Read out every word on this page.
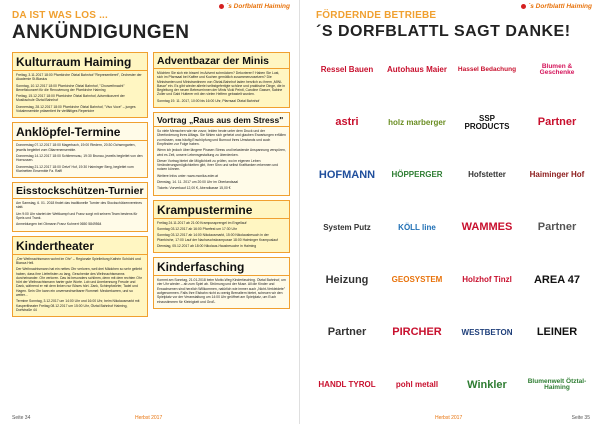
´s Dorfblattl Haiming
DA IST WAS LOS ...
ANKÜNDIGUNGEN
Kulturraum Haiming

Freitag, 3.11.2017 18:00 Pfarrkirche Ötztal Bahnhof "Representieret", Orchester der Akademie St.Blasius

Sonntag, 10.12.2017 18:00 Pfarrkirche Ötztal Bahnhof, "Chorweihnacht" Benefizkonzert für die Renovierung der Pfarrkirche Haiming

Freitag, 15.12.2017 18:00 Pfarrkirche Ötztal Bahnhof, Adventkonzert der Musikschule Ötztal Bahnhof

Donnerstag, 28.12.2017 18:00 Pfarrkirche Ötztal Bahnhof, "Vivo Voce" – junges Vokalensemble präsentiert ihr vielfältiges Repertoire

Anklöpfel-Termine

Donnerstag 07.12.2017 18:00 Magerbach, 19:00 Riedern, 20:30 Ochsengarten, jeweils begleitet vom Gitarrenensemble.

Donnerstag 14.12.2017 18:00 Schlierenzau, 19:30 Brunau, jeweils begleitet von den Hornussen.

Donnerstag 21.12.2017 18:00 Oetzt' Hof, 19:30 Haiminger Berg, begleitet vom Klarinetten Ensemble Fa. Raffl

Eisstockschützen-Turnier

Am Samstag, 6. 01. 2018 findet das traditionelle Turnier des Stockschützenvereines statt.

Um 9:00 Uhr startet der Wettkampf und Franz sorgt mit seinem Team bestens für Speis und Trank.

Anmeldungen bei Obmann Franz Kuhnert 0650 5849564

Kindertheater

„Der Weihnachtsmann wohnt im Ohr" – Regionale Spielleitung Kathrin Schöchl und Bianca Hell.

Der Weihnachtsmann hat ein nettes Ohr verloren, weil drei Mädchen so sehr geliebt haben, dass ihre Lieferlisten zu lang, Geschenke des Weihnachtsmanns durcheinander. Ohr verloren. Das ist besonders schlimm, denn mit dem rechten Ohr hört der Weihnachtsmann harter gute Worte. Lob und Anerkennung Freude und Dank, während er mit dem linken nur Böses hört. Zank, Schimpfwörter, Tadel und Hagen. Sein Ohr kann ein unverwechselbarer Rommel: Meckerkarren, und so weiter...

Termine Sonntag, 3.12.2017 um 14:00 Uhr und 16:00 Uhr, beim Nikolausmarkt mit Kasperltheater Freitag 08.12.2017 um 15:00 Uhr, Ötztal Bahnhof Haiming, Dorfstraße 44

Adventbazar der Minis

Möchten Sie sich ein bisserl im Advent schmücken? Dekorieren? Haben Sie Lust, sich im Pfarrsaal bei Kaffee und Kuchen gemütlich zusammenzusetzen? Die Ministranten und Ministrantinnen von Ötztal-Bahnhof laden herzlich zu ihrem „MINI-Basar" ein. Es gibt wieder allerlei selbstgefertigte schöne und praktische Dinge, die in Begleitung der neuen Betreuerinnen der Minis Vicki Peintl, Caroline Gasser, Sabine Zoller und Gabi Hutterer mit den vielen Helfern gebastelt wurden.

Sonntag 19. 11. 2017, 10:00 bis 16:00 Uhr, Pfarrsaal Ötztal Bahnhof

Vortrag „Raus aus dem Stress"

So viele Menschen wie nie zuvor, leiden heute unter dem Druck und der Überforderung ihres Alltags. Sie fühlen sich gehetzt und glauben Erwartungen erfüllen zu müssen, was häufig Erschöpfung und Burnout ihres Umstands und auch Empfinden zur Folge haben.

Wenn ich jedoch über längere Phasen Stress und belastende Anspannung verspüren, wird es Zeit, unsere Lebensgestaltung zu überdenken.

Dieser Vortrag bietet die Möglichkeit zu prüfen, wo im eigenen Leben Veränderungsmöglichkeiten gibt, ihrer Sinn und selbst Krafttanken erkennen und nutzen können.

Weitere Infos unter: www.monika-eder.at

Dienstag, 14. 11. 2017 um 20:00 Uhr im Oberlandsaal

Tickets: Vorverkauf 12,00 €, Abendkasse 15,00 €

Krampustermine

Freitag 24.11.2017 ab 21:00 Krampussprengel im Engellauf

Sonntag 03.12.2017 ab 16:00 Pfarrfest um 17:30 Uhr

Sonntag 03.12.2017 ab 14:00 Nikolausmarkt, 15:00 Nikolausbesuch in der Pfarrkirche, 17:00 Lauf der Nachwuchskrampusse 18:00 Haiminger Krampuslauf

Dienstag, 05.12.2017 ab 18:00 Nikolaus-Hausbesuche in Haiming

Kinderfasching

Kommt am Sonntag, 21.01.2018 beim Motto-Weg Kinderfasching. Ötztal Bahnhof, um vier Uhr wieder – ab zum Spiel ab. Strömung und der Muse. All die Kinder und Erwachsenen sind herzlich Willkommen, natürlich wie immer auch „Nicht-Verkleidete" aufgenommen. Falls Ihre Eisbahn nicht zu wenig Brenaltern bietet, scheuen wir den Spielplatz vor der Veranstaltung um 14:00 Uhr geöffnet am Spielplatz, um Euch einzustimmen für Kleinigkeit und Groß.

Seite 34	Herbst 2017
´s Dorfblattl Haiming
FÖRDERNDE BETRIEBE
´S DORFBLATTL SAGT DANKE!
Herbst 2017	Seite 35
Ressel Bauen Autohaus Maier Hassel Bedachung	Blumen & Geschenke
astri	holz marberger	SSP PRODUCTS	Partner
HOFMANN HÖPPERGER	Hofstetter	Haiminger Hof
System Putz	KÖLL line WAMMES Partner
Heizung	GEOSYSTEM Holzhof Tinzl AREA 47
Partner PIRCHER WESTBETON LEINER
HANDL TYROL	pohl metall	Winkler	Blumenwelt Ötztal-Haiming
